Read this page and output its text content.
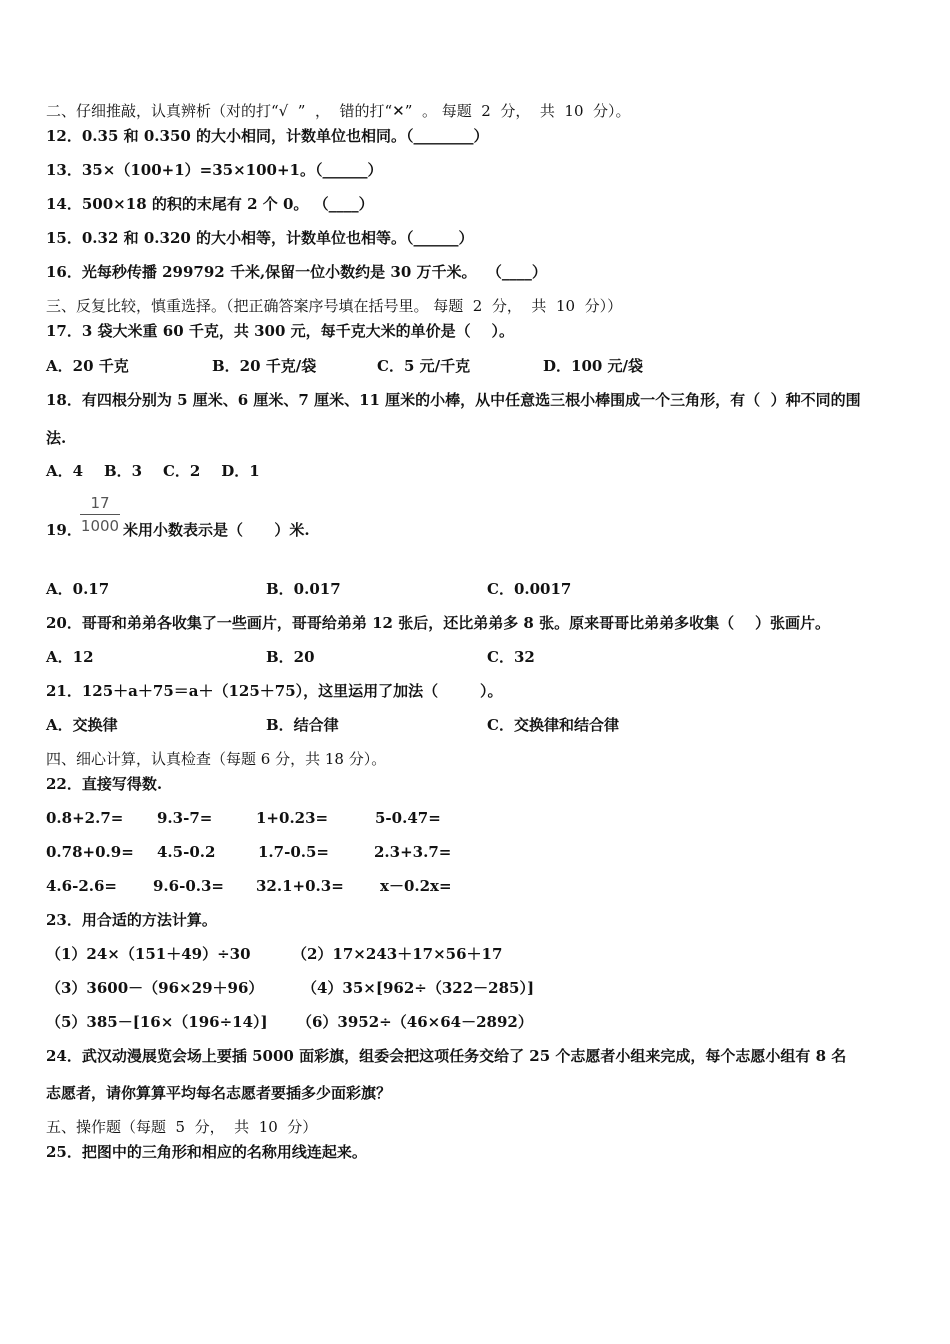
二、仔细推敲，认真辨析（对的打“√  ”  ，  错的打“✕”  。 每题  2  分，  共  10  分）。
12．0.35 和 0.350 的大小相同，计数单位也相同。（________）
13．35×（100+1）=35×100+1。（______）
14．500×18 的积的末尾有 2 个 0。 （____）
15．0.32 和 0.320 的大小相等，计数单位也相等。（______）
16．光每秒传播 299792 千米,保留一位小数约是 30 万千米。  （____）
三、反复比较，慎重选择。（把正确答案序号填在括号里。 每题  2  分，  共  10  分））
17．3 袋大米重 60 千克，共 300 元，每千克大米的单价是（    ）。
A．20 千克	B．20 千克/袋	C．5 元/千克	D．100 元/袋
18．有四根分别为 5 厘米、6 厘米、7 厘米、11 厘米的小棒，从中任意选三根小棒围成一个三角形，有（  ）种不同的围
法.
A．4    B．3    C．2    D．1
19．
17
1000 米用小数表示是（      ）米.
A．0.17	B．0.017	C．0.0017
20．哥哥和弟弟各收集了一些画片，哥哥给弟弟 12 张后，还比弟弟多 8 张。原来哥哥比弟弟多收集（    ）张画片。
A．12	B．20	C．32
21．125＋a＋75＝a＋（125＋75），这里运用了加法（        ）。
A．交换律	B．结合律	C．交换律和结合律
四、细心计算，认真检查（每题 6 分，共 18 分）。
22．直接写得数.
0.8+2.7= 9.3-7=	1+0.23=	5-0.47=
0.78+0.9= 4.5-0.2	1.7-0.5=	2.3+3.7=
4.6-2.6= 9.6-0.3= 32.1+0.3= x－0.2x=
23．用合适的方法计算。
（1）24×（151＋49）÷30	（2）17×243＋17×56＋17
（3）3600－（96×29＋96）	（4）35×[962÷（322－285）]
（5）385－[16×（196÷14）] （6）3952÷（46×64－2892）
24．武汉动漫展览会场上要插 5000 面彩旗，组委会把这项任务交给了 25 个志愿者小组来完成，每个志愿小组有 8 名
志愿者，请你算算平均每名志愿者要插多少面彩旗？
五、操作题（每题  5  分，  共  10  分）
25．把图中的三角形和相应的名称用线连起来。
